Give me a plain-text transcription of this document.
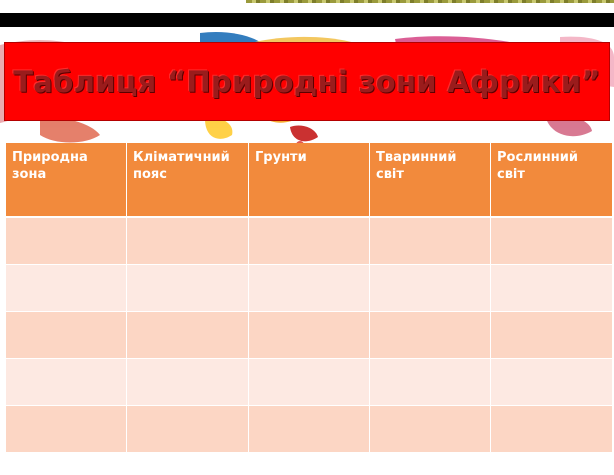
Таблиця “Природні зони Африки”
Природна зона	Кліматичний пояс	Грунти	Тваринний світ	Рослинний світ
